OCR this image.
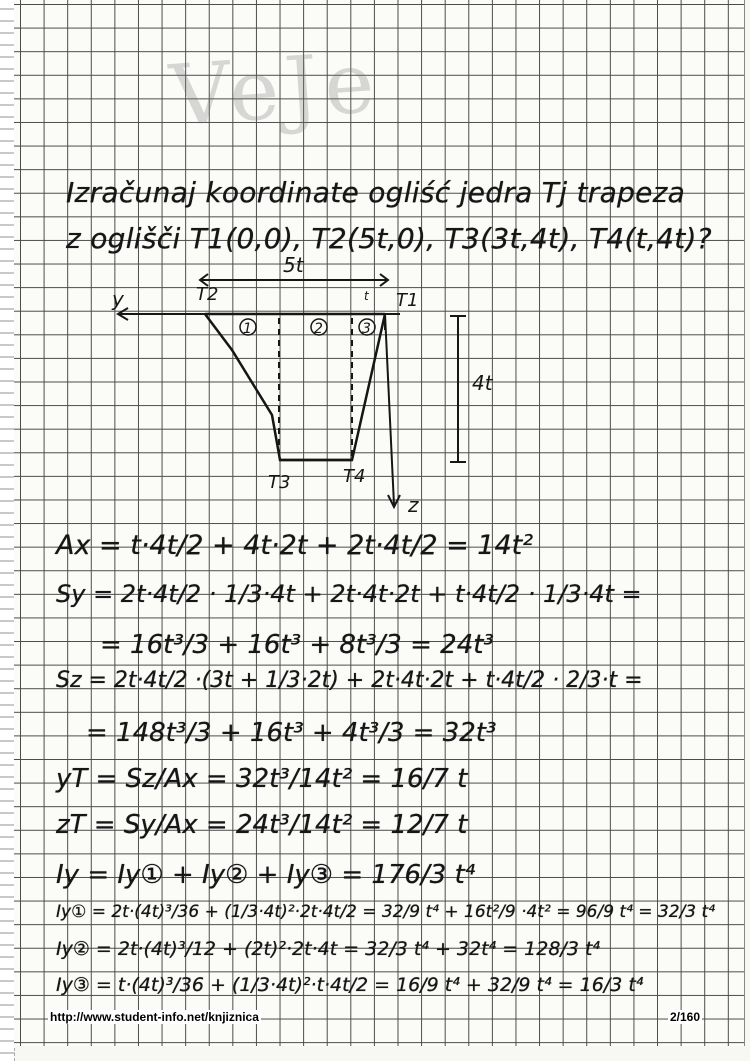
VeJe
Izračunaj koordinate ogliść jedra Tj trapeza
z oglišči T1(0,0), T2(5t,0), T3(3t,4t), T4(t,4t)?
5t
y
z
1	2	3
T2	T1
t
T3	T4
4t
Ax = t·4t/2 + 4t·2t + 2t·4t/2 = 14t²
Sy = 2t·4t/2 · 1/3·4t + 2t·4t·2t + t·4t/2 · 1/3·4t =
= 16t³/3 + 16t³ + 8t³/3 = 24t³
Sz = 2t·4t/2 ·(3t + 1/3·2t) + 2t·4t·2t + t·4t/2 · 2/3·t =
= 148t³/3 + 16t³ + 4t³/3 = 32t³
yT = Sz/Ax = 32t³/14t² = 16/7 t
zT = Sy/Ax = 24t³/14t² = 12/7 t
Iy = Iy① + Iy② + Iy③ = 176/3 t⁴
Iy① = 2t·(4t)³/36 + (1/3·4t)²·2t·4t/2 = 32/9 t⁴ + 16t²/9 ·4t² = 96/9 t⁴ = 32/3 t⁴
Iy② = 2t·(4t)³/12 + (2t)²·2t·4t = 32/3 t⁴ + 32t⁴ = 128/3 t⁴
Iy③ = t·(4t)³/36 + (1/3·4t)²·t·4t/2 = 16/9 t⁴ + 32/9 t⁴ = 16/3 t⁴
http://www.student-info.net/knjiznica	2/160
